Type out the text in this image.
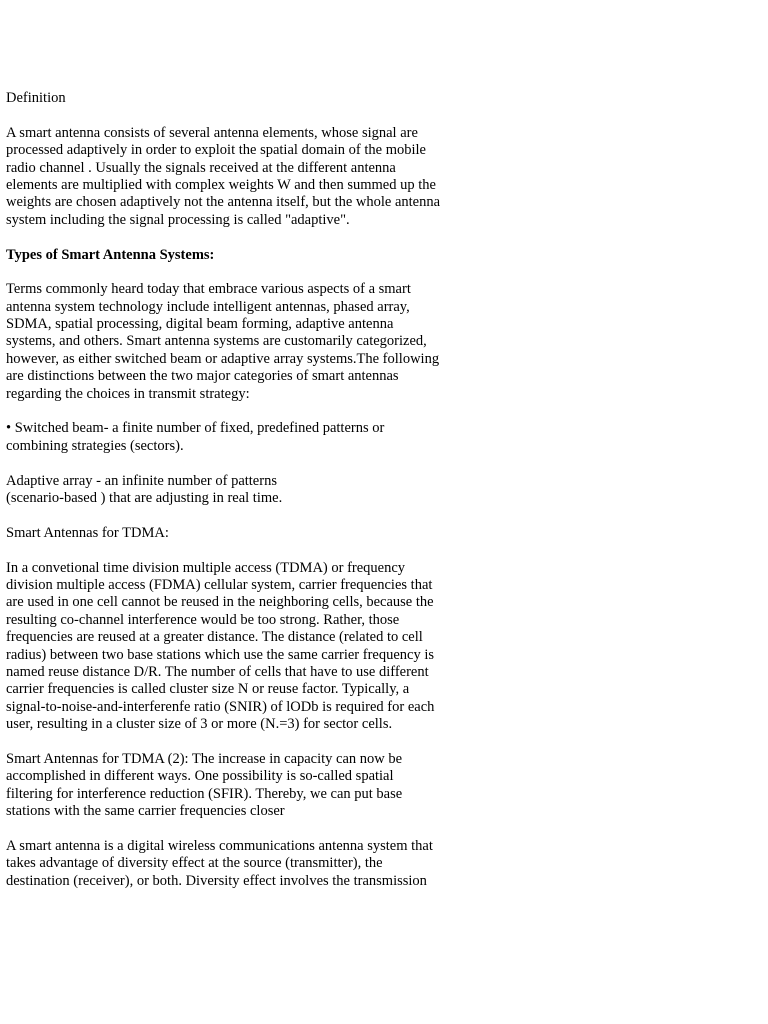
Definition
A smart antenna consists of several antenna elements, whose signal are
processed adaptively in order to exploit the spatial domain of the mobile
radio channel . Usually the signals received at the different antenna
elements are multiplied with complex weights W and then summed up the
weights are chosen adaptively not the antenna itself, but the whole antenna
system including the signal processing is called "adaptive".
Types of Smart Antenna Systems:
Terms commonly heard today that embrace various aspects of a smart
antenna system technology include intelligent antennas, phased array,
SDMA, spatial processing, digital beam forming, adaptive antenna
systems, and others. Smart antenna systems are customarily categorized,
however, as either switched beam or adaptive array systems.The following
are distinctions between the two major categories of smart antennas
regarding the choices in transmit strategy:
• Switched beam- a finite number of fixed, predefined patterns or
combining strategies (sectors).
Adaptive array - an infinite number of patterns
(scenario-based ) that are adjusting in real time.
Smart Antennas for TDMA:
In a convetional time division multiple access (TDMA) or frequency
division multiple access (FDMA) cellular system, carrier frequencies that
are used in one cell cannot be reused in the neighboring cells, because the
resulting co-channel interference would be too strong. Rather, those
frequencies are reused at a greater distance. The distance (related to cell
radius) between two base stations which use the same carrier frequency is
named reuse distance D/R. The number of cells that have to use different
carrier frequencies is called cluster size N or reuse factor. Typically, a
signal-to-noise-and-interferenfe ratio (SNIR) of lODb is required for each
user, resulting in a cluster size of 3 or more (N.=3) for sector cells.
Smart Antennas for TDMA (2): The increase in capacity can now be
accomplished in different ways. One possibility is so-called spatial
filtering for interference reduction (SFIR). Thereby, we can put base
stations with the same carrier frequencies closer
A smart antenna is a digital wireless communications antenna system that
takes advantage of diversity effect at the source (transmitter), the
destination (receiver), or both. Diversity effect involves the transmission
